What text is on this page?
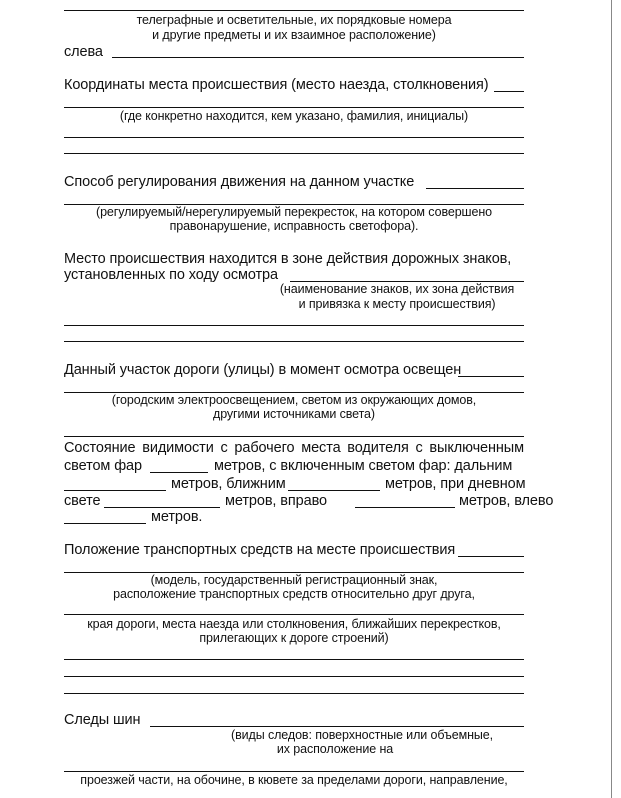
телеграфные и осветительные, их порядковые номера
и другие предметы и их взаимное расположение)
слева
Координаты места происшествия (место наезда, столкновения)
(где конкретно находится, кем указано, фамилия, инициалы)
Способ регулирования движения на данном участке
(регулируемый/нерегулируемый перекресток, на котором совершено
правонарушение, исправность светофора).
Место происшествия находится в зоне действия дорожных знаков,
установленных по ходу осмотра
(наименование знаков, их зона действия
и привязка к месту происшествия)
Данный участок дороги (улицы) в момент осмотра освещен
(городским электроосвещением, светом из окружающих домов,
другими источниками света)
Состояние видимости с рабочего места водителя с выключенным
светом фар	метров, с включенным светом фар: дальним
метров, ближним	метров, при дневном
свете	метров, вправо	метров, влево
метров.
Положение транспортных средств на месте происшествия
(модель, государственный регистрационный знак,
расположение транспортных средств относительно друг друга,
края дороги, места наезда или столкновения, ближайших перекрестков,
прилегающих к дороге строений)
Следы шин
(виды следов: поверхностные или объемные,
их расположение на
проезжей части, на обочине, в кювете за пределами дороги, направление,
